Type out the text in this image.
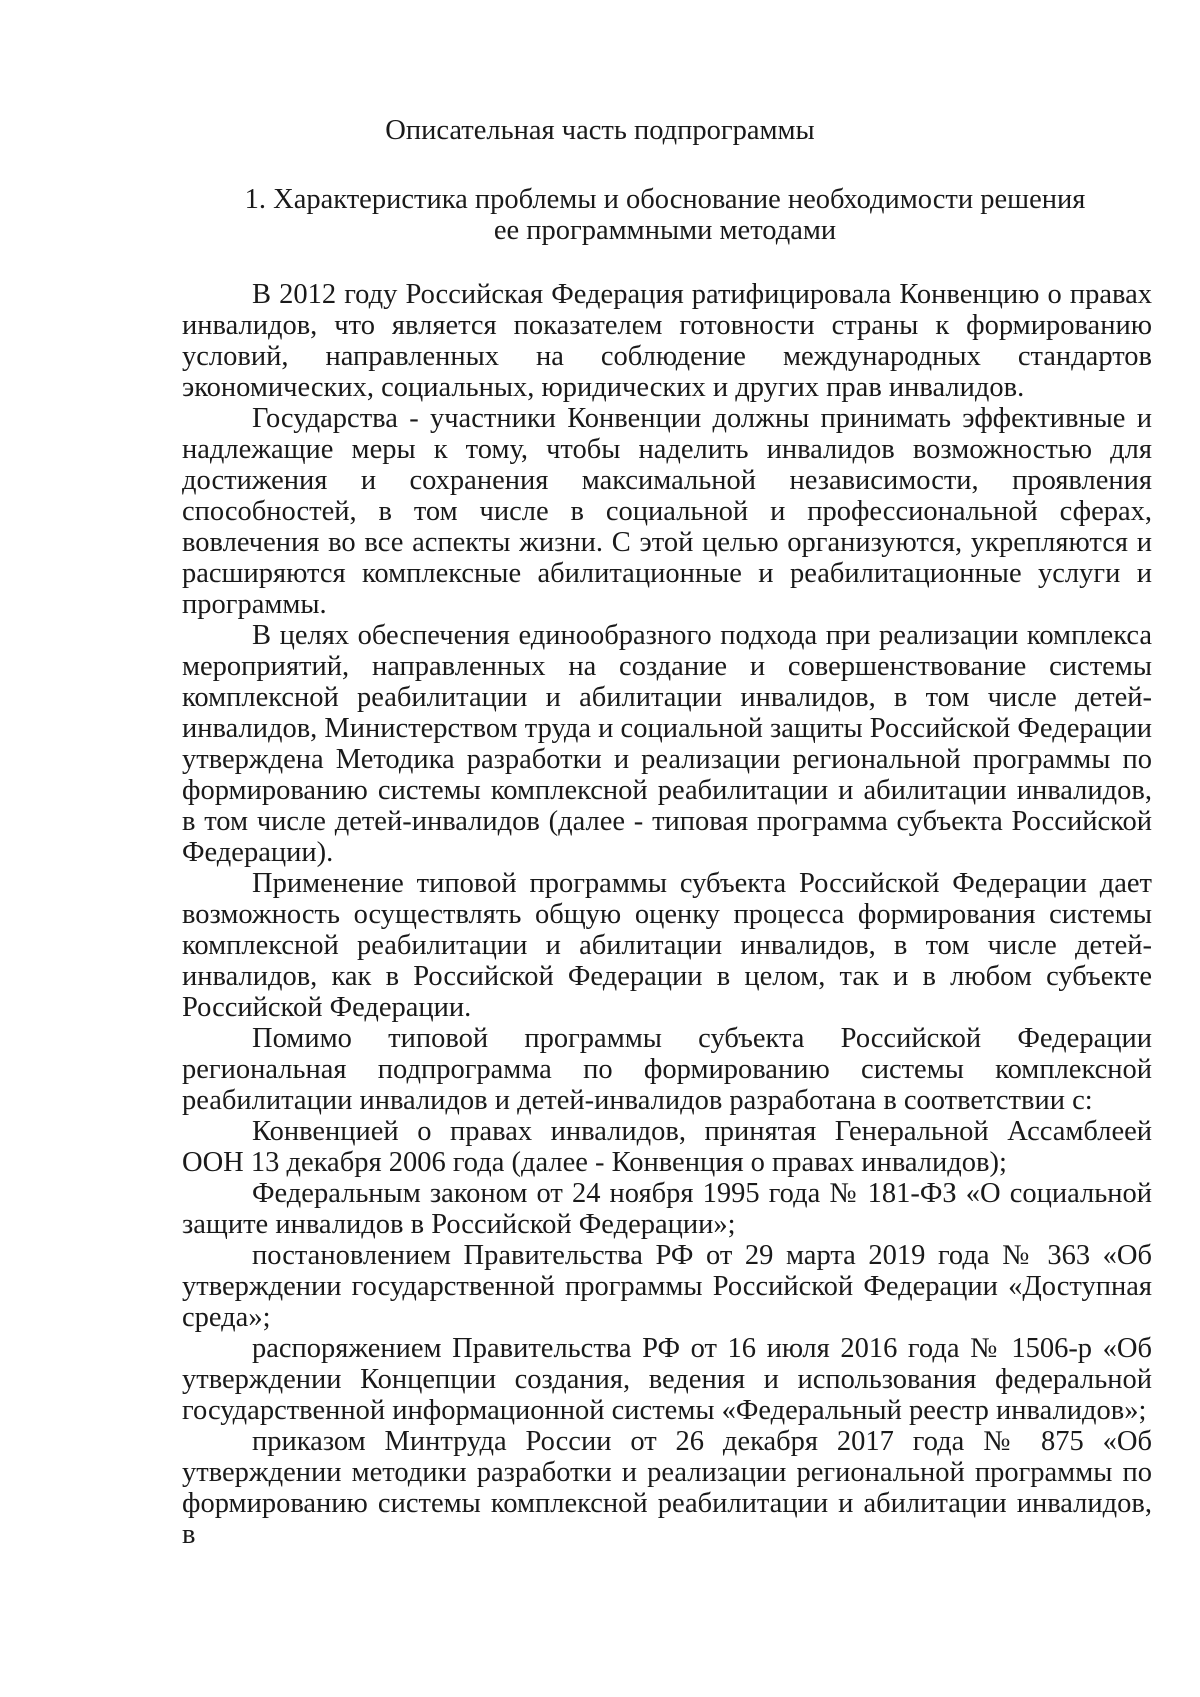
Описательная часть подпрограммы
1. Характеристика проблемы и обоснование необходимости решения
ее программными методами

В 2012 году Российская Федерация ратифицировала Конвенцию о правах инвалидов, что является показателем готовности страны к формированию условий, направленных на соблюдение международных стандартов экономических, социальных, юридических и других прав инвалидов.

Государства - участники Конвенции должны принимать эффективные и надлежащие меры к тому, чтобы наделить инвалидов возможностью для достижения и сохранения максимальной независимости, проявления способностей, в том числе в социальной и профессиональной сферах, вовлечения во все аспекты жизни. С этой целью организуются, укрепляются и расширяются комплексные абилитационные и реабилитационные услуги и программы.

В целях обеспечения единообразного подхода при реализации комплекса мероприятий, направленных на создание и совершенствование системы комплексной реабилитации и абилитации инвалидов, в том числе детей-инвалидов, Министерством труда и социальной защиты Российской Федерации утверждена Методика разработки и реализации региональной программы по формированию системы комплексной реабилитации и абилитации инвалидов, в том числе детей-инвалидов (далее - типовая программа субъекта Российской Федерации).

Применение типовой программы субъекта Российской Федерации дает возможность осуществлять общую оценку процесса формирования системы комплексной реабилитации и абилитации инвалидов, в том числе детей-инвалидов, как в Российской Федерации в целом, так и в любом субъекте Российской Федерации.

Помимо типовой программы субъекта Российской Федерации региональная подпрограмма по формированию системы комплексной реабилитации инвалидов и детей-инвалидов разработана в соответствии с:

Конвенцией о правах инвалидов, принятая Генеральной Ассамблеей ООН 13 декабря 2006 года (далее - Конвенция о правах инвалидов);

Федеральным законом от 24 ноября 1995 года № 181-ФЗ «О социальной защите инвалидов в Российской Федерации»;

постановлением Правительства РФ от 29 марта 2019 года № 363 «Об утверждении государственной программы Российской Федерации «Доступная среда»;

распоряжением Правительства РФ от 16 июля 2016 года № 1506-р «Об утверждении Концепции создания, ведения и использования федеральной государственной информационной системы «Федеральный реестр инвалидов»;

приказом Минтруда России от 26 декабря 2017 года № 875 «Об утверждении методики разработки и реализации региональной программы по формированию системы комплексной реабилитации и абилитации инвалидов, в
